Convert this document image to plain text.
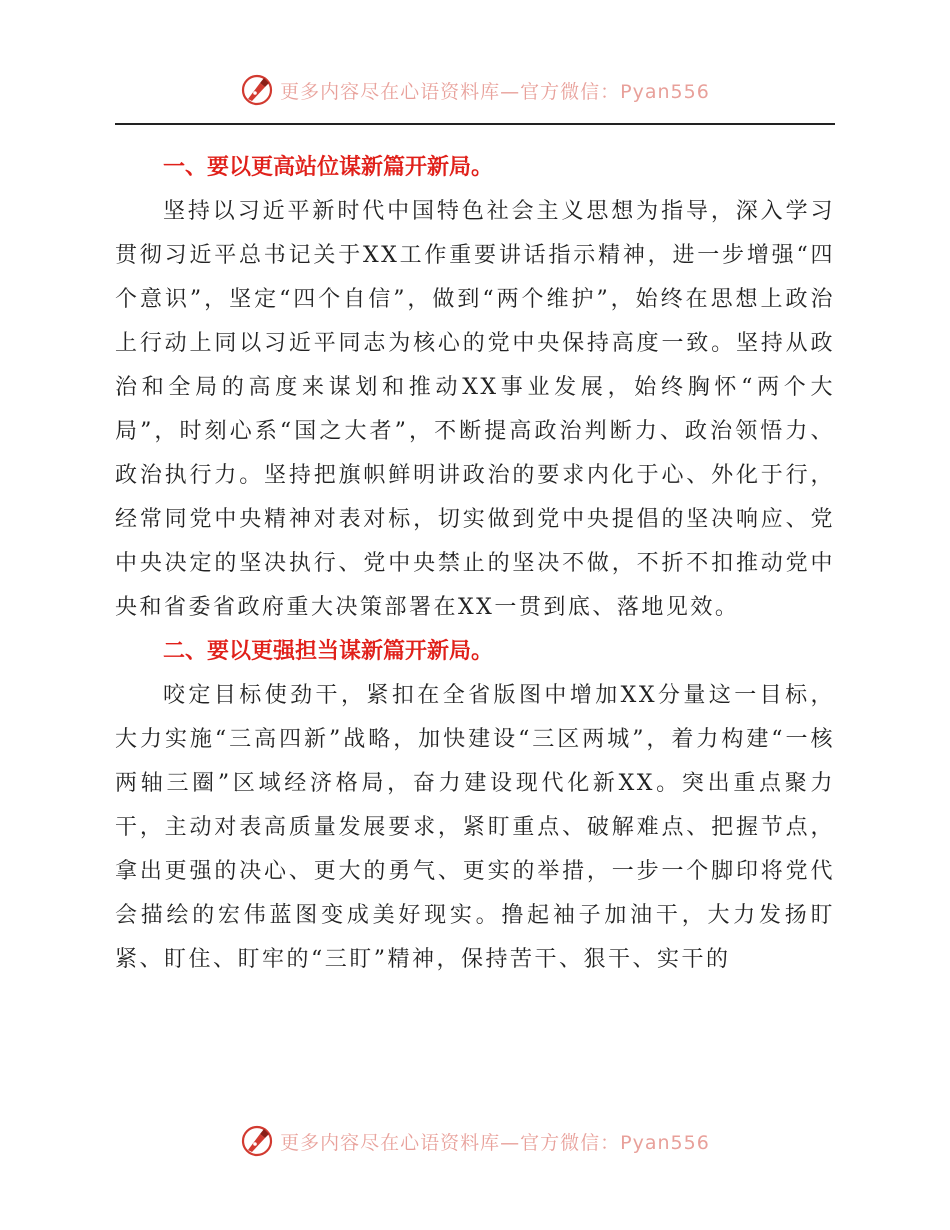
更多内容尽在心语资料库—官方微信：Pyan556

一、要以更高站位谋新篇开新局。

坚持以习近平新时代中国特色社会主义思想为指导，深入学习贯彻习近平总书记关于XX工作重要讲话指示精神，进一步增强“四个意识”，坚定“四个自信”，做到“两个维护”，始终在思想上政治上行动上同以习近平同志为核心的党中央保持高度一致。坚持从政治和全局的高度来谋划和推动XX事业发展，始终胸怀“两个大局”，时刻心系“国之大者”，不断提高政治判断力、政治领悟力、政治执行力。坚持把旗帜鲜明讲政治的要求内化于心、外化于行，经常同党中央精神对表对标，切实做到党中央提倡的坚决响应、党中央决定的坚决执行、党中央禁止的坚决不做，不折不扣推动党中央和省委省政府重大决策部署在XX一贯到底、落地见效。

二、要以更强担当谋新篇开新局。

咬定目标使劲干，紧扣在全省版图中增加XX分量这一目标，大力实施“三高四新”战略，加快建设“三区两城”，着力构建“一核两轴三圈”区域经济格局，奋力建设现代化新XX。突出重点聚力干，主动对表高质量发展要求，紧盯重点、破解难点、把握节点，拿出更强的决心、更大的勇气、更实的举措，一步一个脚印将党代会描绘的宏伟蓝图变成美好现实。撸起袖子加油干，大力发扬盯紧、盯住、盯牢的“三盯”精神，保持苦干、狠干、实干的

更多内容尽在心语资料库—官方微信：Pyan556
